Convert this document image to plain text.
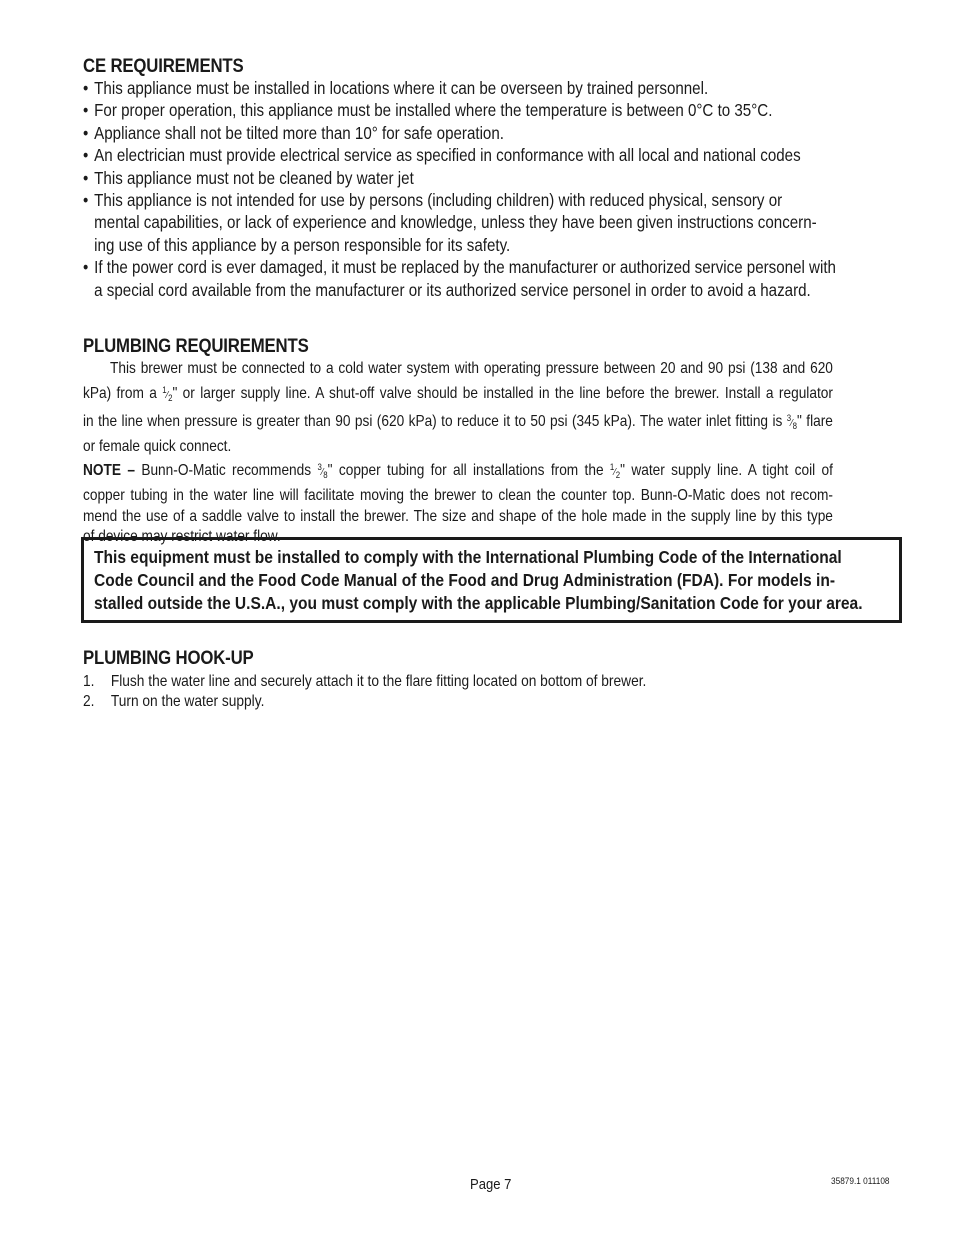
CE REQUIREMENTS
• This appliance must be installed in locations where it can be overseen by trained personnel.
• For proper operation, this appliance must be installed where the temperature is between 0°C to 35°C.
• Appliance shall not be tilted more than 10° for safe operation.
• An electrician must provide electrical service as specified in conformance with all local and national codes
• This appliance must not be cleaned by water jet
• This appliance is not intended for use by persons (including children) with reduced physical, sensory or
mental capabilities, or lack of experience and knowledge, unless they have been given instructions concern-
ing use of this appliance by a person responsible for its safety.
• If the power cord is ever damaged, it must be replaced by the manufacturer or authorized service personel with
a special cord available from the manufacturer or its authorized service personel in order to avoid a hazard.
PLUMBING REQUIREMENTS
This brewer must be connected to a cold water system with operating pressure between 20 and 90 psi (138 and 620
kPa) from a $^1⁄_2$" or larger supply line. A shut-off valve should be installed in the line before the brewer. Install a regulator
in the line when pressure is greater than 90 psi (620 kPa) to reduce it to 50 psi (345 kPa). The water inlet fitting is $^3⁄_8$" flare
or female quick connect.
NOTE – Bunn-O-Matic recommends $^3⁄_8$" copper tubing for all installations from the $^1⁄_2$" water supply line. A tight coil of
copper tubing in the water line will facilitate moving the brewer to clean the counter top. Bunn-O-Matic does not recom-
mend the use of a saddle valve to install the brewer. The size and shape of the hole made in the supply line by this type
of device may restrict water flow.
This equipment must be installed to comply with the International Plumbing Code of the International
Code Council and the Food Code Manual of the Food and Drug Administration (FDA). For models in-
stalled outside the U.S.A., you must comply with the applicable Plumbing/Sanitation Code for your area.
PLUMBING HOOK-UP
1. Flush the water line and securely attach it to the flare fitting located on bottom of brewer.
2. Turn on the water supply.
Page 7	35879.1 011108
